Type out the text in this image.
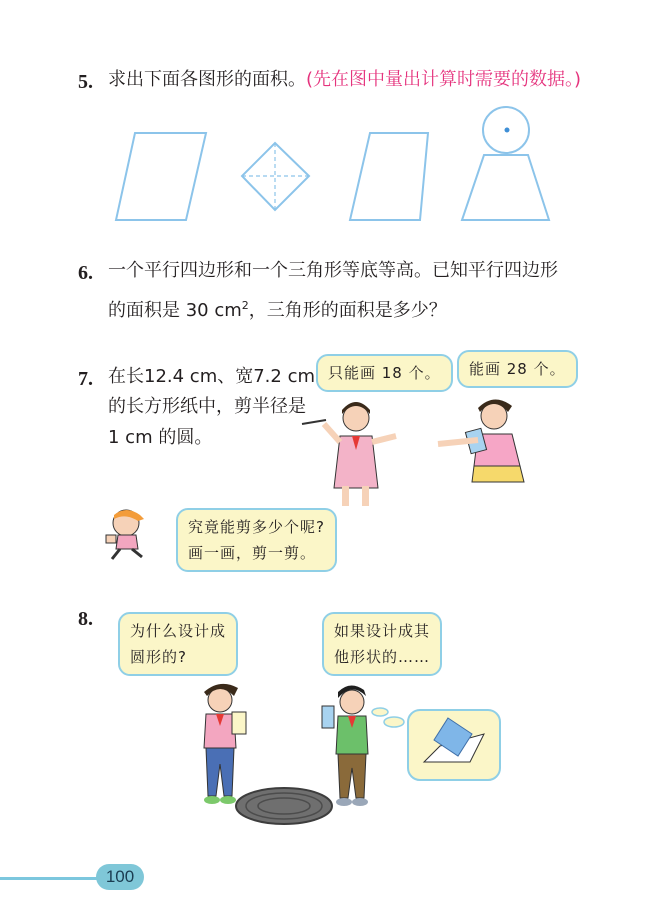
5. 求出下面各图形的面积。(先在图中量出计算时需要的数据。)
6. 一个平行四边形和一个三角形等底等高。已知平行四边形
的面积是 30 $cm^2$，三角形的面积是多少？
7. 在长12.4 cm、宽7.2 cm
的长方形纸中，剪半径是
1 cm 的圆。
只能画 18 个。	能画 28 个。
究竟能剪多少个呢?
画一画，剪一剪。
8.
为什么设计成
圆形的?
如果设计成其
他形状的……
100
